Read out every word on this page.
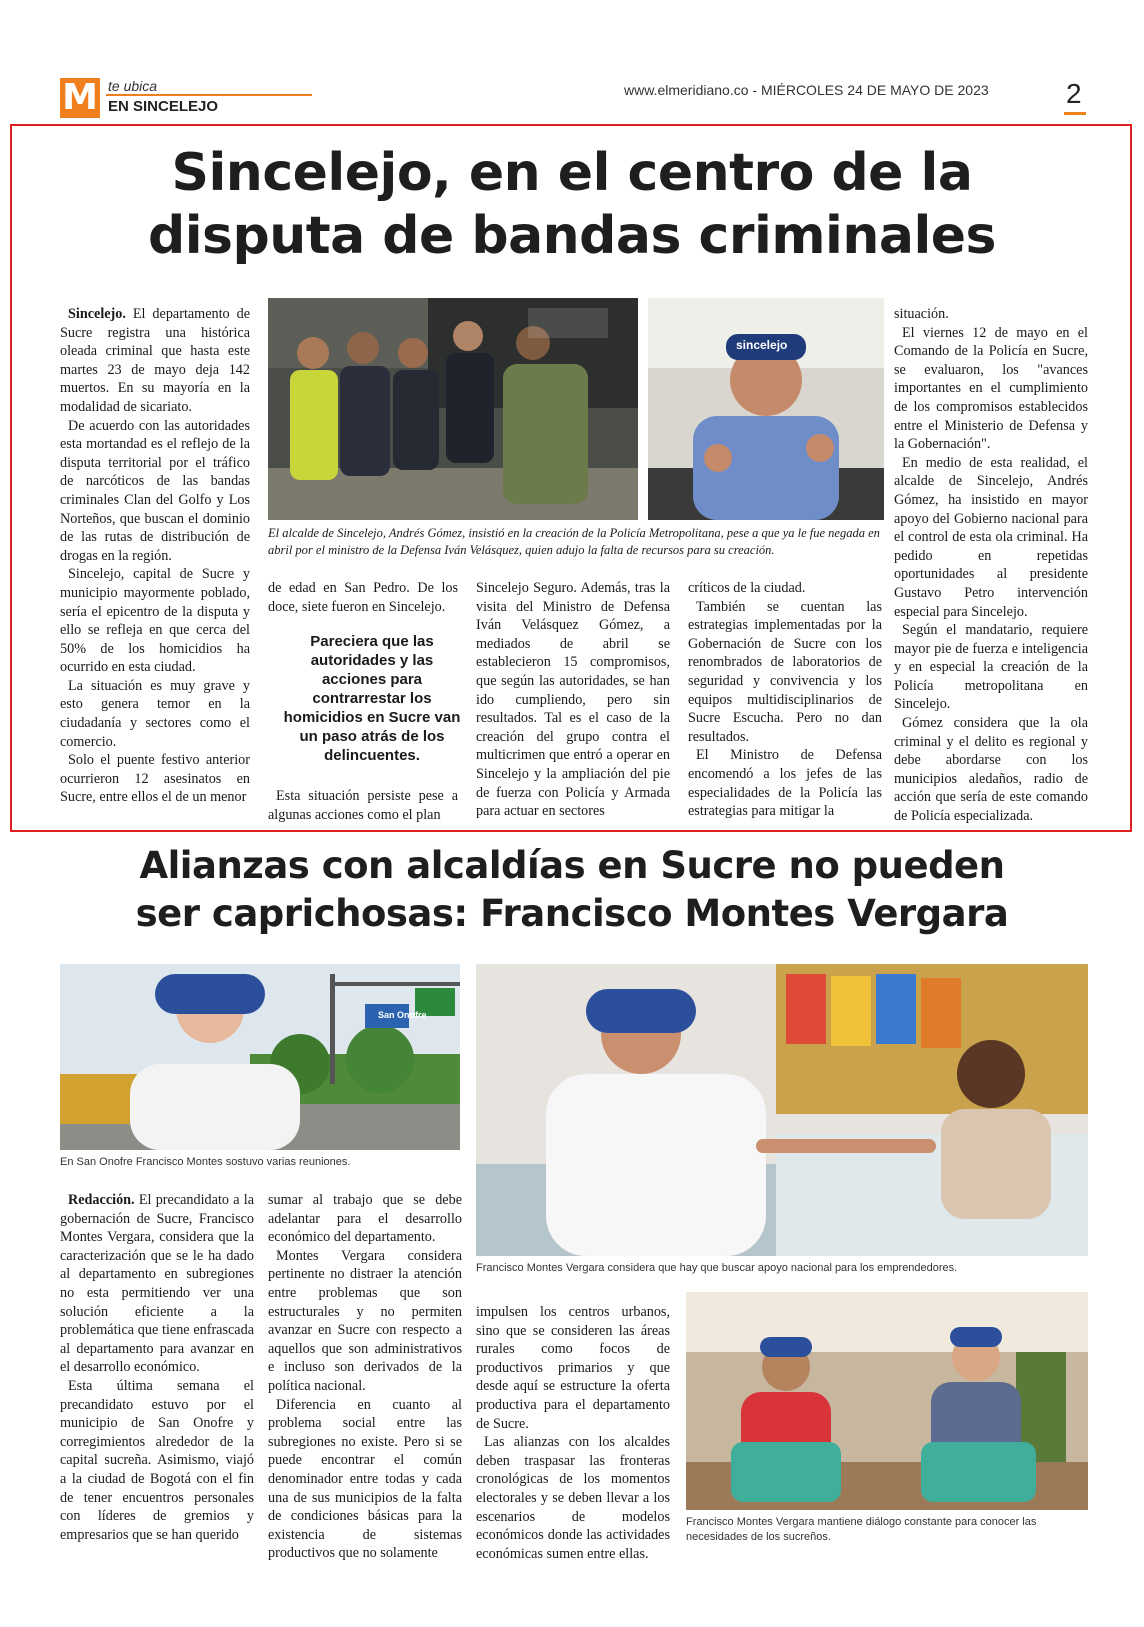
M te ubica
EN SINCELEJO
www.elmeridiano.co - MIÉRCOLES 24 DE MAYO DE 2023	2
Sincelejo, en el centro de la
disputa de bandas criminales

Sincelejo. El departamento de Sucre registra una histórica oleada criminal que hasta este martes 23 de mayo deja 142 muertos. En su mayoría en la modalidad de sicariato.

De acuerdo con las autoridades esta mortandad es el reflejo de la disputa territorial por el tráfico de narcóticos de las bandas criminales Clan del Golfo y Los Norteños, que buscan el dominio de las rutas de distribución de drogas en la región.

Sincelejo, capital de Sucre y municipio mayormente poblado, sería el epicentro de la disputa y ello se refleja en que cerca del 50% de los homicidios ha ocurrido en esta ciudad.

La situación es muy grave y esto genera temor en la ciudadanía y sectores como el comercio.

Solo el puente festivo anterior ocurrieron 12 asesinatos en Sucre, entre ellos el de un menor

sincelejo
El alcalde de Sincelejo, Andrés Gómez, insistió en la creación de la Policía Metropolitana, pese a que ya le fue negada en abril por el ministro de la Defensa Iván Velásquez, quien adujo la falta de recursos para su creación.

de edad en San Pedro. De los doce, siete fueron en Sincelejo.

Pareciera que las autoridades y las acciones para contrarrestar los homicidios en Sucre van un paso atrás de los delincuentes.

Esta situación persiste pese a algunas acciones como el plan

Sincelejo Seguro. Además, tras la visita del Ministro de Defensa Iván Velásquez Gómez, a mediados de abril se establecieron 15 compromisos, que según las autoridades, se han ido cumpliendo, pero sin resultados. Tal es el caso de la creación del grupo contra el multicrimen que entró a operar en Sincelejo y la ampliación del pie de fuerza con Policía y Armada para actuar en sectores

críticos de la ciudad.

También se cuentan las estrategias implementadas por la Gobernación de Sucre con los renombrados de laboratorios de seguridad y convivencia y los equipos multidisciplinarios de Sucre Escucha. Pero no dan resultados.

El Ministro de Defensa encomendó a los jefes de las especialidades de la Policía las estrategias para mitigar la

situación.

El viernes 12 de mayo en el Comando de la Policía en Sucre, se evaluaron, los "avances importantes en el cumplimiento de los compromisos establecidos entre el Ministerio de Defensa y la Gobernación".

En medio de esta realidad, el alcalde de Sincelejo, Andrés Gómez, ha insistido en mayor apoyo del Gobierno nacional para el control de esta ola criminal. Ha pedido en repetidas oportunidades al presidente Gustavo Petro intervención especial para Sincelejo.

Según el mandatario, requiere mayor pie de fuerza e inteligencia y en especial la creación de la Policía metropolitana en Sincelejo.

Gómez considera que la ola criminal y el delito es regional y debe abordarse con los municipios aledaños, radio de acción que sería de este comando de Policía especializada.

Alianzas con alcaldías en Sucre no pueden
ser caprichosas: Francisco Montes Vergara
San Onofre
En San Onofre Francisco Montes sostuvo varias reuniones.
Francisco Montes Vergara considera que hay que buscar apoyo nacional para los emprendedores.
Francisco Montes Vergara mantiene diálogo constante para conocer las necesidades de los sucreños.

Redacción. El precandidato a la gobernación de Sucre, Francisco Montes Vergara, considera que la caracterización que se le ha dado al departamento en subregiones no esta permitiendo ver una solución eficiente a la problemática que tiene enfrascada al departamento para avanzar en el desarrollo económico.

Esta última semana el precandidato estuvo por el municipio de San Onofre y corregimientos alrededor de la capital sucreña. Asimismo, viajó a la ciudad de Bogotá con el fin de tener encuentros personales con líderes de gremios y empresarios que se han querido

sumar al trabajo que se debe adelantar para el desarrollo económico del departamento.

Montes Vergara considera pertinente no distraer la atención entre problemas que son estructurales y no permiten avanzar en Sucre con respecto a aquellos que son administrativos e incluso son derivados de la política nacional.

Diferencia en cuanto al problema social entre las subregiones no existe. Pero si se puede encontrar el común denominador entre todas y cada una de sus municipios de la falta de condiciones básicas para la existencia de sistemas productivos que no solamente

impulsen los centros urbanos, sino que se consideren las áreas rurales como focos de productivos primarios y que desde aquí se estructure la oferta productiva para el departamento de Sucre.

Las alianzas con los alcaldes deben traspasar las fronteras cronológicas de los momentos electorales y se deben llevar a los escenarios de modelos económicos donde las actividades económicas sumen entre ellas.
